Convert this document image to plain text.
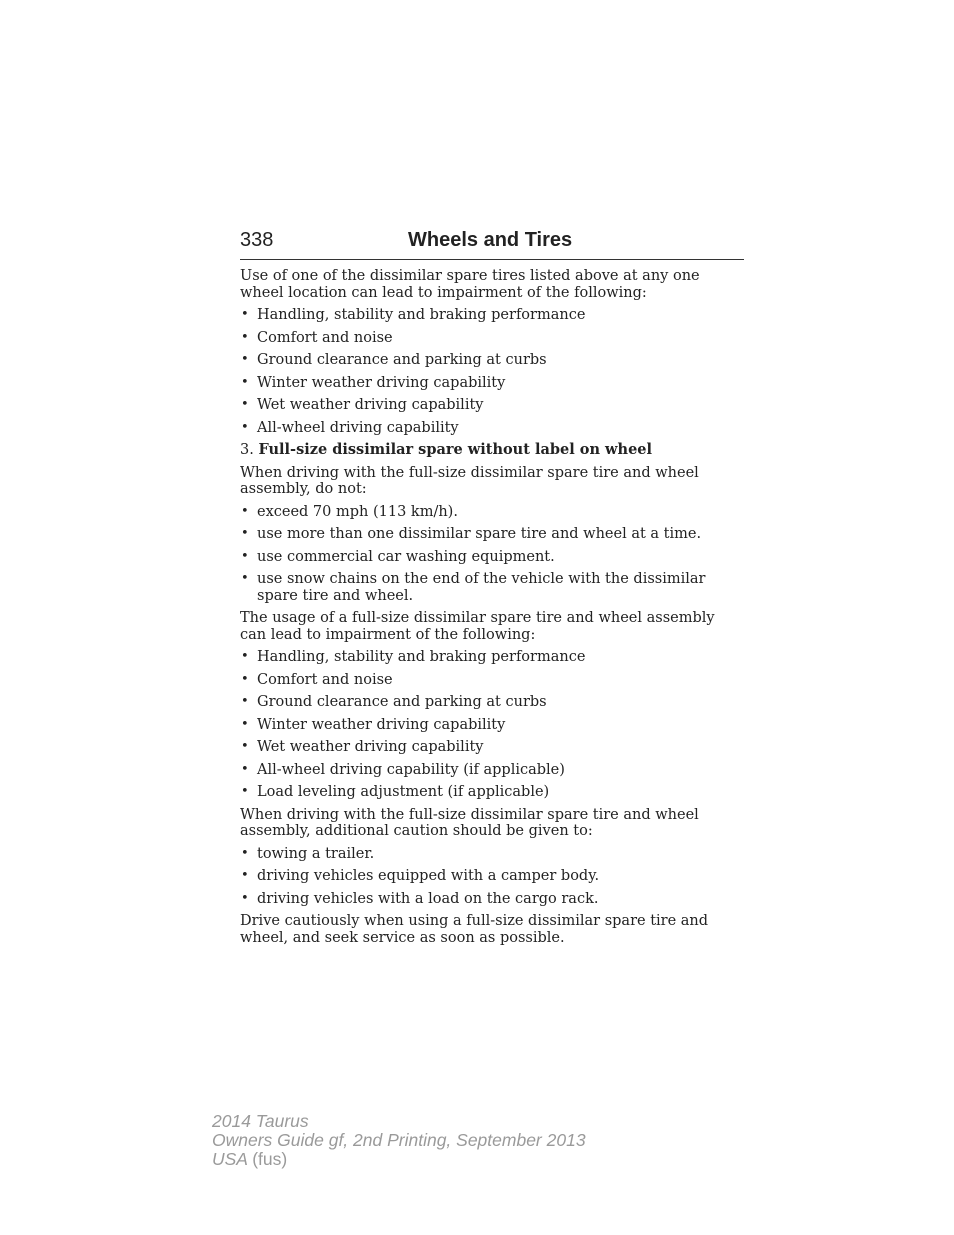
338	Wheels and Tires

Use of one of the dissimilar spare tires listed above at any one wheel location can lead to impairment of the following:

• Handling, stability and braking performance
• Comfort and noise
• Ground clearance and parking at curbs
• Winter weather driving capability
• Wet weather driving capability
• All-wheel driving capability
3. Full-size dissimilar spare without label on wheel

When driving with the full-size dissimilar spare tire and wheel assembly, do not:

• exceed 70 mph (113 km/h).
• use more than one dissimilar spare tire and wheel at a time.
• use commercial car washing equipment.
• use snow chains on the end of the vehicle with the dissimilar spare tire and wheel.

The usage of a full-size dissimilar spare tire and wheel assembly can lead to impairment of the following:

• Handling, stability and braking performance
• Comfort and noise
• Ground clearance and parking at curbs
• Winter weather driving capability
• Wet weather driving capability
• All-wheel driving capability (if applicable)
• Load leveling adjustment (if applicable)

When driving with the full-size dissimilar spare tire and wheel assembly, additional caution should be given to:

• towing a trailer.
• driving vehicles equipped with a camper body.
• driving vehicles with a load on the cargo rack.

Drive cautiously when using a full-size dissimilar spare tire and wheel, and seek service as soon as possible.

2014 Taurus
Owners Guide gf, 2nd Printing, September 2013
USA (fus)
